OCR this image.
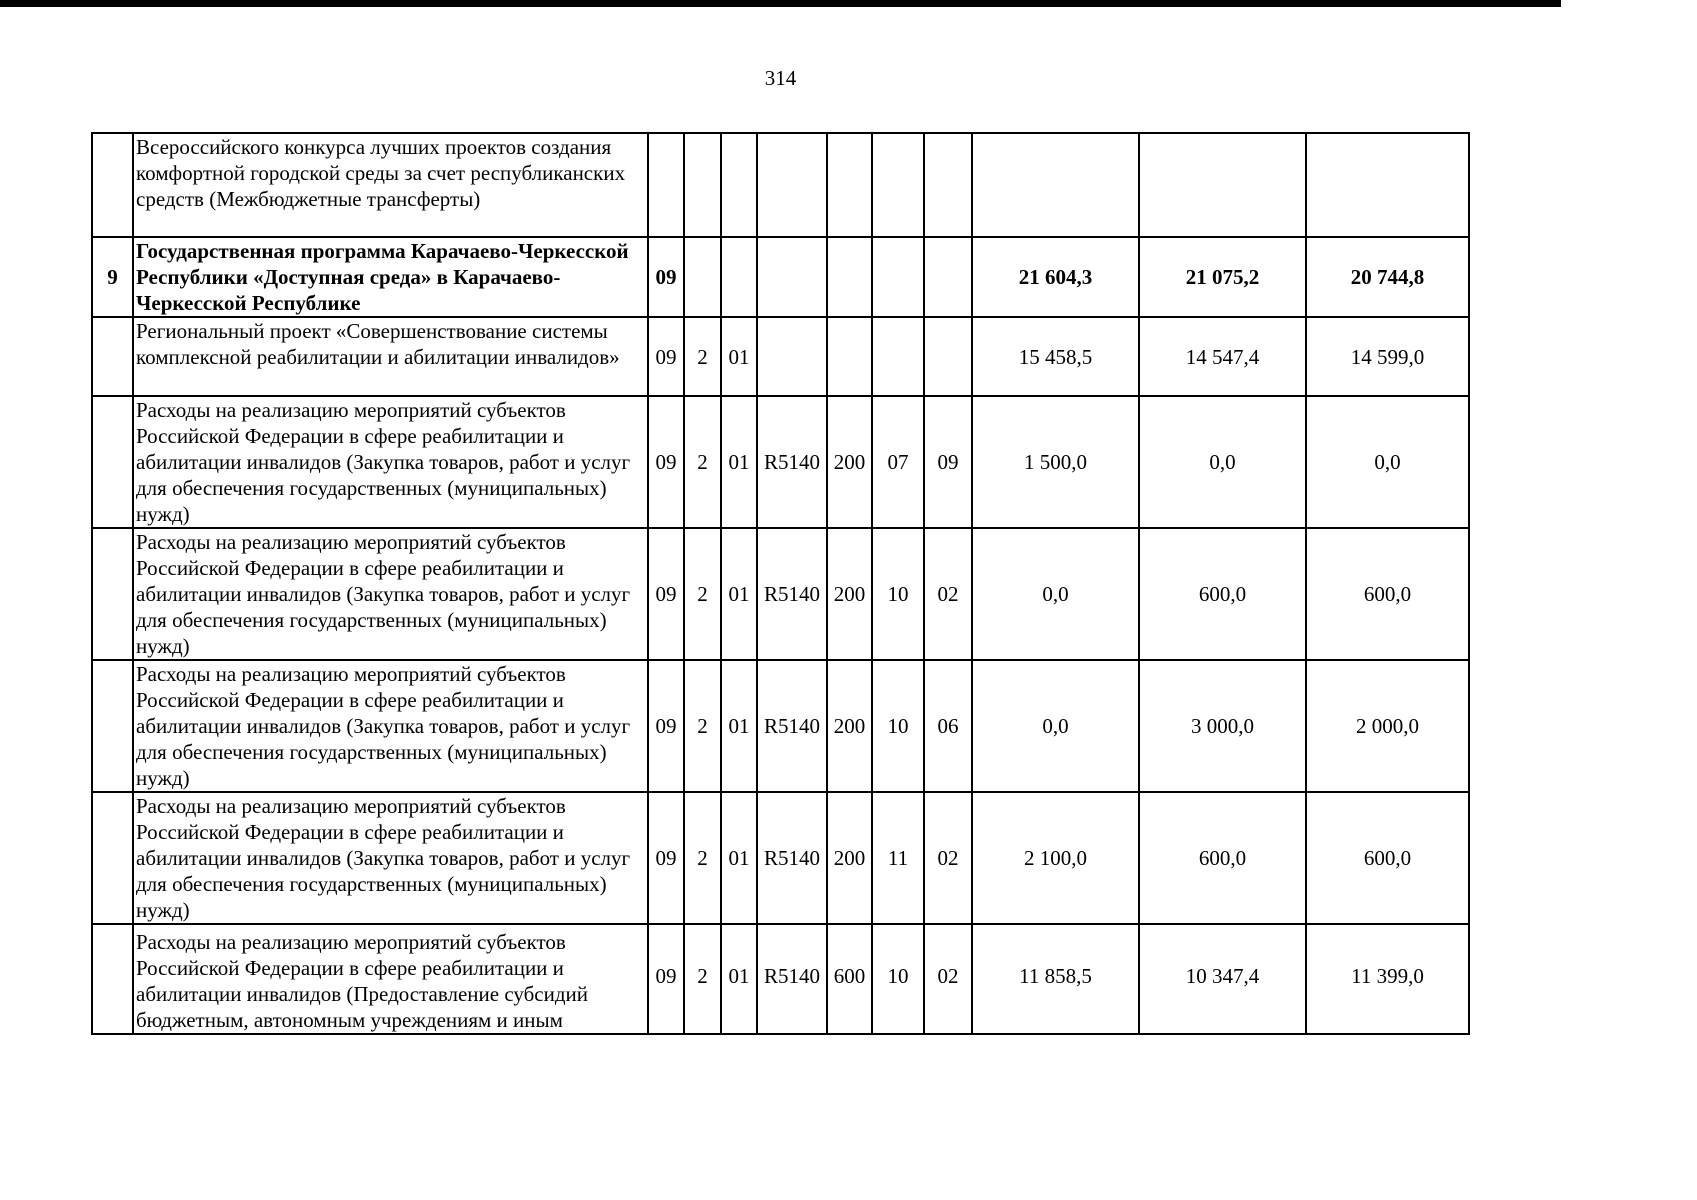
314
	Всероссийского конкурса лучших проектов создания комфортной городской среды за счет республиканских средств (Межбюджетные трансферты)										
9	Государственная программа Карачаево-Черкесской Республики «Доступная среда» в Карачаево-Черкесской Республике	09							21 604,3	21 075,2	20 744,8
	Региональный проект «Совершенствование системы комплексной реабилитации и абилитации инвалидов»	09	2	01					15 458,5	14 547,4	14 599,0
	Расходы на реализацию мероприятий субъектов Российской Федерации в сфере реабилитации и абилитации инвалидов (Закупка товаров, работ и услуг для обеспечения государственных (муниципальных) нужд)	09	2	01	R5140	200	07	09	1 500,0	0,0	0,0
	Расходы на реализацию мероприятий субъектов Российской Федерации в сфере реабилитации и абилитации инвалидов (Закупка товаров, работ и услуг для обеспечения государственных (муниципальных) нужд)	09	2	01	R5140	200	10	02	0,0	600,0	600,0
	Расходы на реализацию мероприятий субъектов Российской Федерации в сфере реабилитации и абилитации инвалидов (Закупка товаров, работ и услуг для обеспечения государственных (муниципальных) нужд)	09	2	01	R5140	200	10	06	0,0	3 000,0	2 000,0
	Расходы на реализацию мероприятий субъектов Российской Федерации в сфере реабилитации и абилитации инвалидов (Закупка товаров, работ и услуг для обеспечения государственных (муниципальных) нужд)	09	2	01	R5140	200	11	02	2 100,0	600,0	600,0
	Расходы на реализацию мероприятий субъектов Российской Федерации в сфере реабилитации и абилитации инвалидов (Предоставление субсидий бюджетным, автономным учреждениям и иным	09	2	01	R5140	600	10	02	11 858,5	10 347,4	11 399,0
